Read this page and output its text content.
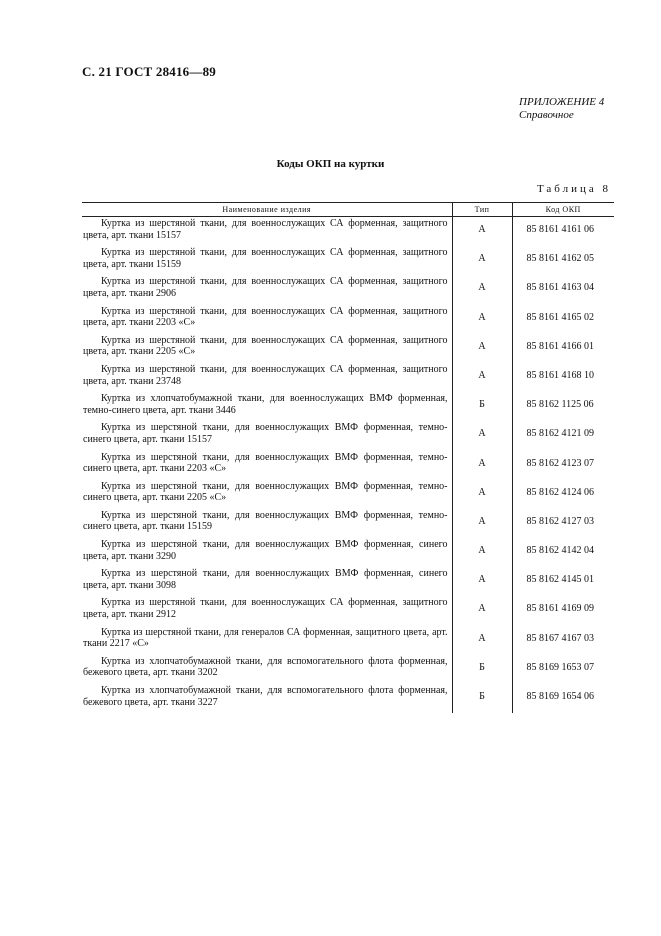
С. 21 ГОСТ 28416—89
ПРИЛОЖЕНИЕ 4
Справочное
Коды ОКП на куртки
Таблица 8
Наименование изделия	Тип	Код ОКП
Куртка из шерстяной ткани, для военнослужащих СА форменная, защитного цвета, арт. ткани 15157	А	85 8161 4161 06
Куртка из шерстяной ткани, для военнослужащих СА форменная, защитного цвета, арт. ткани 15159	А	85 8161 4162 05
Куртка из шерстяной ткани, для военнослужащих СА форменная, защитного цвета, арт. ткани 2906	А	85 8161 4163 04
Куртка из шерстяной ткани, для военнослужащих СА форменная, защитного цвета, арт. ткани 2203 «С»	А	85 8161 4165 02
Куртка из шерстяной ткани, для военнослужащих СА форменная, защитного цвета, арт. ткани 2205 «С»	А	85 8161 4166 01
Куртка из шерстяной ткани, для военнослужащих СА форменная, защитного цвета, арт. ткани 23748	А	85 8161 4168 10
Куртка из хлопчатобумажной ткани, для военнослужащих ВМФ форменная, темно-синего цвета, арт. ткани 3446	Б	85 8162 1125 06
Куртка из шерстяной ткани, для военнослужащих ВМФ форменная, темно-синего цвета, арт. ткани 15157	А	85 8162 4121 09
Куртка из шерстяной ткани, для военнослужащих ВМФ форменная, темно-синего цвета, арт. ткани 2203 «С»	А	85 8162 4123 07
Куртка из шерстяной ткани, для военнослужащих ВМФ форменная, темно-синего цвета, арт. ткани 2205 «С»	А	85 8162 4124 06
Куртка из шерстяной ткани, для военнослужащих ВМФ форменная, темно-синего цвета, арт. ткани 15159	А	85 8162 4127 03
Куртка из шерстяной ткани, для военнослужащих ВМФ форменная, синего цвета, арт. ткани 3290	А	85 8162 4142 04
Куртка из шерстяной ткани, для военнослужащих ВМФ форменная, синего цвета, арт. ткани 3098	А	85 8162 4145 01
Куртка из шерстяной ткани, для военнослужащих СА форменная, защитного цвета, арт. ткани 2912	А	85 8161 4169 09
Куртка из шерстяной ткани, для генералов СА форменная, защитного цвета, арт. ткани 2217 «С»	А	85 8167 4167 03
Куртка из хлопчатобумажной ткани, для вспомогательного флота форменная, бежевого цвета, арт. ткани 3202	Б	85 8169 1653 07
Куртка из хлопчатобумажной ткани, для вспомогательного флота форменная, бежевого цвета, арт. ткани 3227	Б	85 8169 1654 06
